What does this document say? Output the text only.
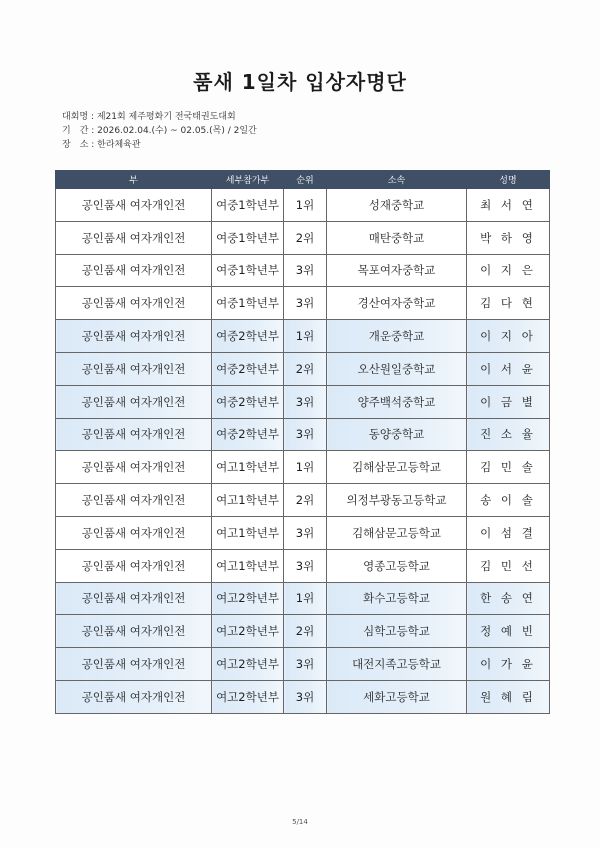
품새 1일차 입상자명단
대회명 : 제21회 제주평화기 전국태권도대회
기　간 : 2026.02.04.(수) ~ 02.05.(목) / 2일간
장　소 : 한라체육관
부	세부참가부	순위	소속	성명
공인품새 여자개인전	여중1학년부	1위	성재중학교	최 서 연
공인품새 여자개인전	여중1학년부	2위	매탄중학교	박 하 영
공인품새 여자개인전	여중1학년부	3위	목포여자중학교	이 지 은
공인품새 여자개인전	여중1학년부	3위	경산여자중학교	김 다 현
공인품새 여자개인전	여중2학년부	1위	개운중학교	이 지 아
공인품새 여자개인전	여중2학년부	2위	오산원일중학교	이 서 윤
공인품새 여자개인전	여중2학년부	3위	양주백석중학교	이 금 별
공인품새 여자개인전	여중2학년부	3위	동양중학교	진 소 율
공인품새 여자개인전	여고1학년부	1위	김해삼문고등학교	김 민 솔
공인품새 여자개인전	여고1학년부	2위	의정부광동고등학교	송 이 솔
공인품새 여자개인전	여고1학년부	3위	김해삼문고등학교	이 섬 결
공인품새 여자개인전	여고1학년부	3위	영종고등학교	김 민 선
공인품새 여자개인전	여고2학년부	1위	화수고등학교	한 송 연
공인품새 여자개인전	여고2학년부	2위	심학고등학교	정 예 빈
공인품새 여자개인전	여고2학년부	3위	대전지족고등학교	이 가 윤
공인품새 여자개인전	여고2학년부	3위	세화고등학교	원 혜 림
5/14
